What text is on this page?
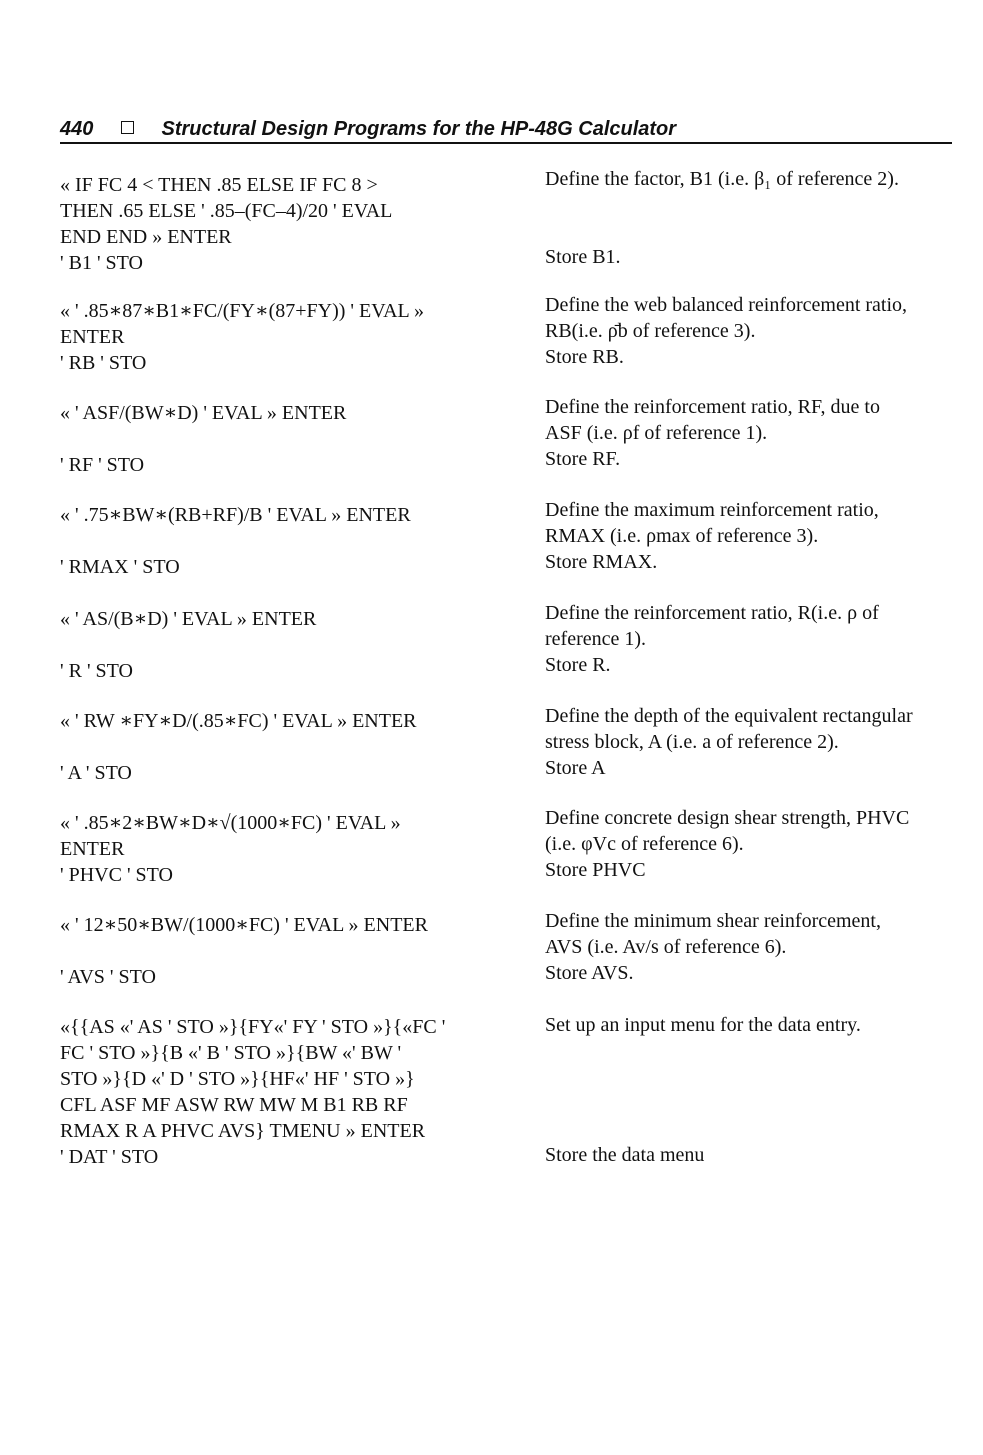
440	Structural Design Programs for the HP-48G Calculator
« IF FC 4 < THEN .85 ELSE IF FC 8 >
THEN .65 ELSE ' .85–(FC–4)/20 ' EVAL
END END » ENTER
' B1 ' STO
Define the factor, B1 (i.e. β₁ of reference 2).
Store B1.
« ' .85∗87∗B1∗FC/(FY∗(87+FY)) ' EVAL »
ENTER
' RB ' STO
Define the web balanced reinforcement ratio,
RB(i.e. ρ̄b of reference 3).
Store RB.
« ' ASF/(BW∗D) ' EVAL » ENTER
' RF ' STO
Define the reinforcement ratio, RF, due to
ASF (i.e. ρf of reference 1).
Store RF.
« ' .75∗BW∗(RB+RF)/B ' EVAL » ENTER
' RMAX ' STO
Define the maximum reinforcement ratio,
RMAX (i.e. ρmax of reference 3).
Store RMAX.
« ' AS/(B∗D) ' EVAL » ENTER
' R ' STO
Define the reinforcement ratio, R(i.e. ρ of
reference 1).
Store R.
« ' RW ∗FY∗D/(.85∗FC) ' EVAL » ENTER
' A ' STO
Define the depth of the equivalent rectangular
stress block, A (i.e. a of reference 2).
Store A
« ' .85∗2∗BW∗D∗√(1000∗FC) ' EVAL »
ENTER
' PHVC ' STO
Define concrete design shear strength, PHVC
(i.e. φVc of reference 6).
Store PHVC
« ' 12∗50∗BW/(1000∗FC) ' EVAL » ENTER
' AVS ' STO
Define the minimum shear reinforcement,
AVS (i.e. Av/s of reference 6).
Store AVS.
«{{AS «' AS ' STO »}{FY«' FY ' STO »}{«FC '
FC ' STO »}{B «' B ' STO »}{BW «' BW '
STO »}{D «' D ' STO »}{HF«' HF ' STO »}
CFL ASF MF ASW RW MW M B1 RB RF
RMAX R A PHVC AVS} TMENU » ENTER
' DAT ' STO
Set up an input menu for the data entry.
Store the data menu
